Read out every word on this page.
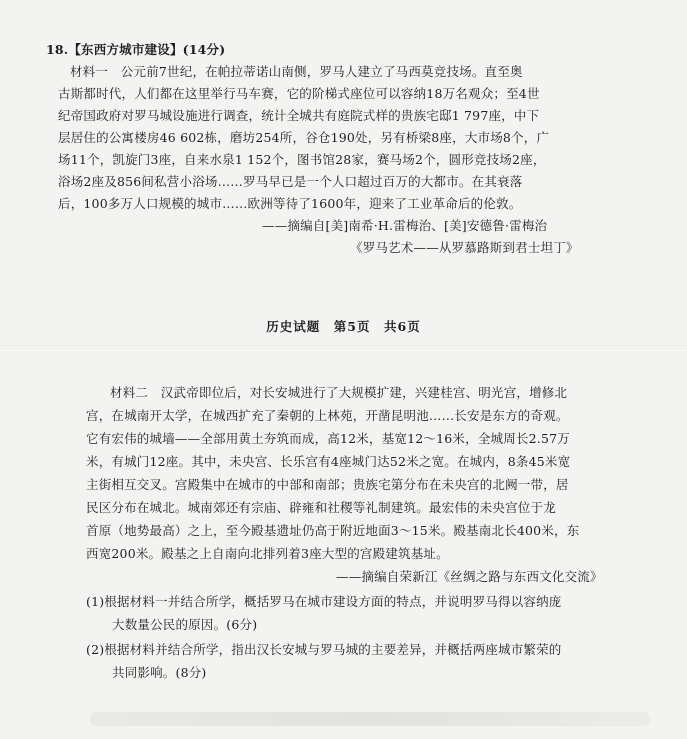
18.【东西方城市建设】(14分)
材料一　公元前7世纪，在帕拉蒂诺山南侧，罗马人建立了马西莫竞技场。直至奥
古斯都时代，人们都在这里举行马车赛，它的阶梯式座位可以容纳18万名观众；至4世
纪帝国政府对罗马城设施进行调查，统计全城共有庭院式样的贵族宅邸1 797座，中下
层居住的公寓楼房46 602栋，磨坊254所，谷仓190处，另有桥梁8座，大市场8个，广
场11个，凯旋门3座，自来水泉1 152个，图书馆28家，赛马场2个，圆形竞技场2座，
浴场2座及856间私营小浴场……罗马早已是一个人口超过百万的大都市。在其衰落
后，100多万人口规模的城市……欧洲等待了1600年，迎来了工业革命后的伦敦。
——摘编自[美]南希·H.雷梅治、[美]安德鲁·雷梅治
《罗马艺术——从罗慕路斯到君士坦丁》
历史试题　第5页　共6页
材料二　汉武帝即位后，对长安城进行了大规模扩建，兴建桂宫、明光宫，增修北
宫，在城南开太学，在城西扩充了秦朝的上林苑，开凿昆明池……长安是东方的奇观。
它有宏伟的城墙——全部用黄土夯筑而成，高12米，基宽12～16米，全城周长2.57万
米，有城门12座。其中，未央宫、长乐宫有4座城门达52米之宽。在城内，8条45米宽
主街相互交叉。宫殿集中在城市的中部和南部；贵族宅第分布在未央宫的北阙一带，居
民区分布在城北。城南郊还有宗庙、辟雍和社稷等礼制建筑。最宏伟的未央宫位于龙
首原（地势最高）之上，至今殿基遗址仍高于附近地面3～15米。殿基南北长400米，东
西宽200米。殿基之上自南向北排列着3座大型的宫殿建筑基址。
——摘编自荣新江《丝绸之路与东西文化交流》
(1)根据材料一并结合所学，概括罗马在城市建设方面的特点，并说明罗马得以容纳庞
大数量公民的原因。(6分)
(2)根据材料并结合所学，指出汉长安城与罗马城的主要差异，并概括两座城市繁荣的
共同影响。(8分)
